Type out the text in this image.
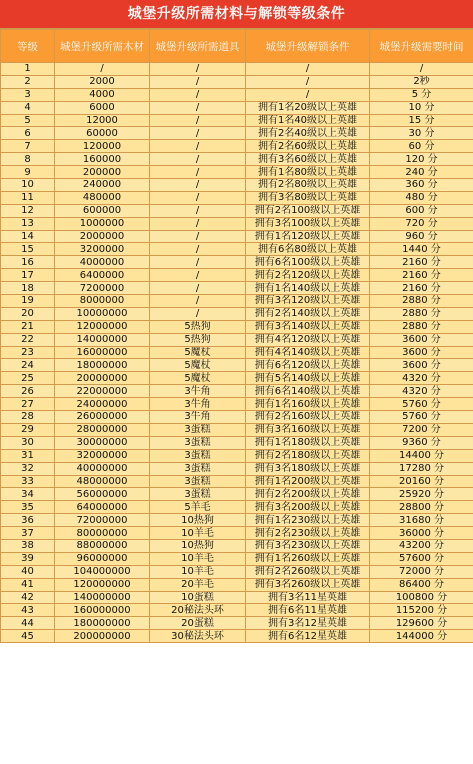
城堡升级所需材料与解锁等级条件
等级	城堡升级所需木材	城堡升级所需道具	城堡升级解锁条件	城堡升级需要时间
1	/	/	/	/
2	2000	/	/	2秒
3	4000	/	/	5 分
4	6000	/	拥有1名20级以上英雄	10 分
5	12000	/	拥有1名40级以上英雄	15 分
6	60000	/	拥有2名40级以上英雄	30 分
7	120000	/	拥有2名60级以上英雄	60 分
8	160000	/	拥有3名60级以上英雄	120 分
9	200000	/	拥有1名80级以上英雄	240 分
10	240000	/	拥有2名80级以上英雄	360 分
11	480000	/	拥有3名80级以上英雄	480 分
12	600000	/	拥有2名100级以上英雄	600 分
13	1000000	/	拥有3名100级以上英雄	720 分
14	2000000	/	拥有1名120级以上英雄	960 分
15	3200000	/	拥有6名80级以上英雄	1440 分
16	4000000	/	拥有6名100级以上英雄	2160 分
17	6400000	/	拥有2名120级以上英雄	2160 分
18	7200000	/	拥有1名140级以上英雄	2160 分
19	8000000	/	拥有3名120级以上英雄	2880 分
20	10000000	/	拥有2名140级以上英雄	2880 分
21	12000000	5热狗	拥有3名140级以上英雄	2880 分
22	14000000	5热狗	拥有4名120级以上英雄	3600 分
23	16000000	5魔杖	拥有4名140级以上英雄	3600 分
24	18000000	5魔杖	拥有6名120级以上英雄	3600 分
25	20000000	5魔杖	拥有5名140级以上英雄	4320 分
26	22000000	3牛角	拥有6名140级以上英雄	4320 分
27	24000000	3牛角	拥有1名160级以上英雄	5760 分
28	26000000	3牛角	拥有2名160级以上英雄	5760 分
29	28000000	3蛋糕	拥有3名160级以上英雄	7200 分
30	30000000	3蛋糕	拥有1名180级以上英雄	9360 分
31	32000000	3蛋糕	拥有2名180级以上英雄	14400 分
32	40000000	3蛋糕	拥有3名180级以上英雄	17280 分
33	48000000	3蛋糕	拥有1名200级以上英雄	20160 分
34	56000000	3蛋糕	拥有2名200级以上英雄	25920 分
35	64000000	5羊毛	拥有3名200级以上英雄	28800 分
36	72000000	10热狗	拥有1名230级以上英雄	31680 分
37	80000000	10羊毛	拥有2名230级以上英雄	36000 分
38	88000000	10热狗	拥有3名230级以上英雄	43200 分
39	96000000	10羊毛	拥有1名260级以上英雄	57600 分
40	104000000	10羊毛	拥有2名260级以上英雄	72000 分
41	120000000	20羊毛	拥有3名260级以上英雄	86400 分
42	140000000	10蛋糕	拥有3名11星英雄	100800 分
43	160000000	20秘法头环	拥有6名11星英雄	115200 分
44	180000000	20蛋糕	拥有3名12星英雄	129600 分
45	200000000	30秘法头环	拥有6名12星英雄	144000 分
